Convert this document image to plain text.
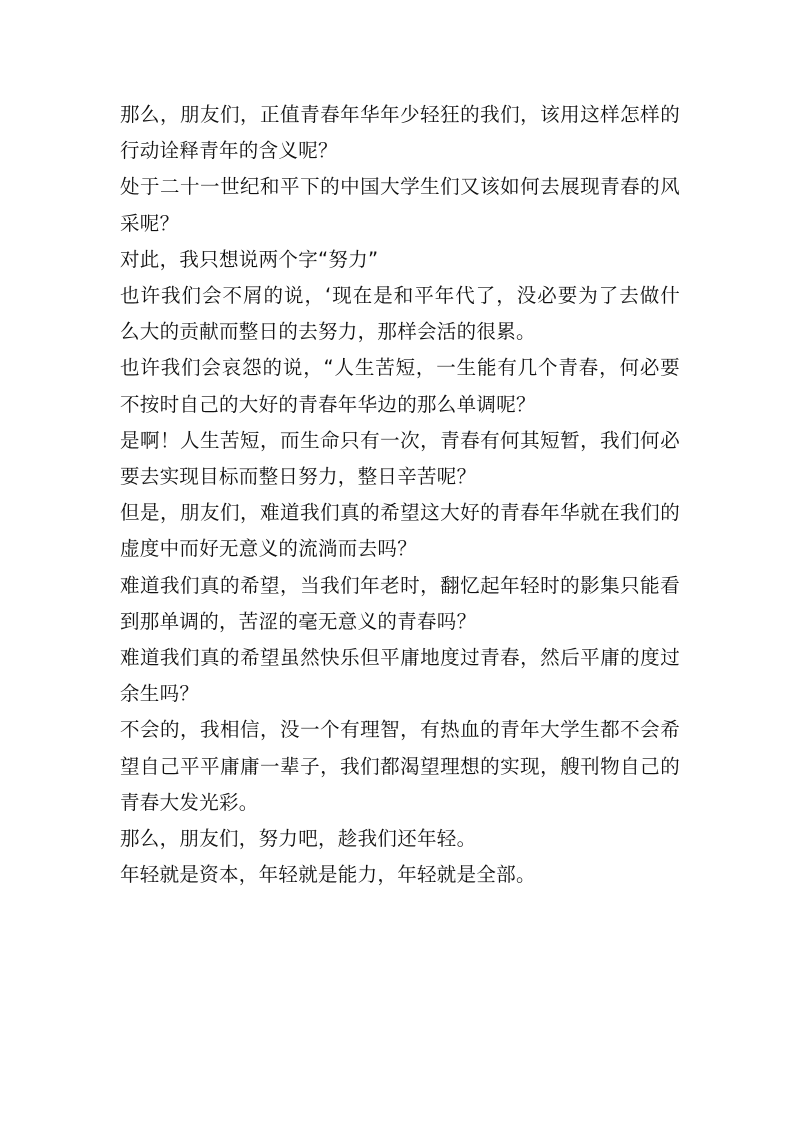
那么，朋友们，正值青春年华年少轻狂的我们，该用这样怎样的行动诠释青年的含义呢？

处于二十一世纪和平下的中国大学生们又该如何去展现青春的风采呢？

对此，我只想说两个字“努力”

也许我们会不屑的说，‘现在是和平年代了，没必要为了去做什么大的贡献而整日的去努力，那样会活的很累。

也许我们会哀怨的说，“人生苦短，一生能有几个青春，何必要不按时自己的大好的青春年华边的那么单调呢？

是啊！人生苦短，而生命只有一次，青春有何其短暂，我们何必要去实现目标而整日努力，整日辛苦呢？

但是，朋友们，难道我们真的希望这大好的青春年华就在我们的虚度中而好无意义的流淌而去吗？

难道我们真的希望，当我们年老时，翻忆起年轻时的影集只能看到那单调的，苦涩的毫无意义的青春吗？

难道我们真的希望虽然快乐但平庸地度过青春，然后平庸的度过余生吗？

不会的，我相信，没一个有理智，有热血的青年大学生都不会希望自己平平庸庸一辈子，我们都渴望理想的实现，艘刊物自己的青春大发光彩。

那么，朋友们，努力吧，趁我们还年轻。

年轻就是资本，年轻就是能力，年轻就是全部。
